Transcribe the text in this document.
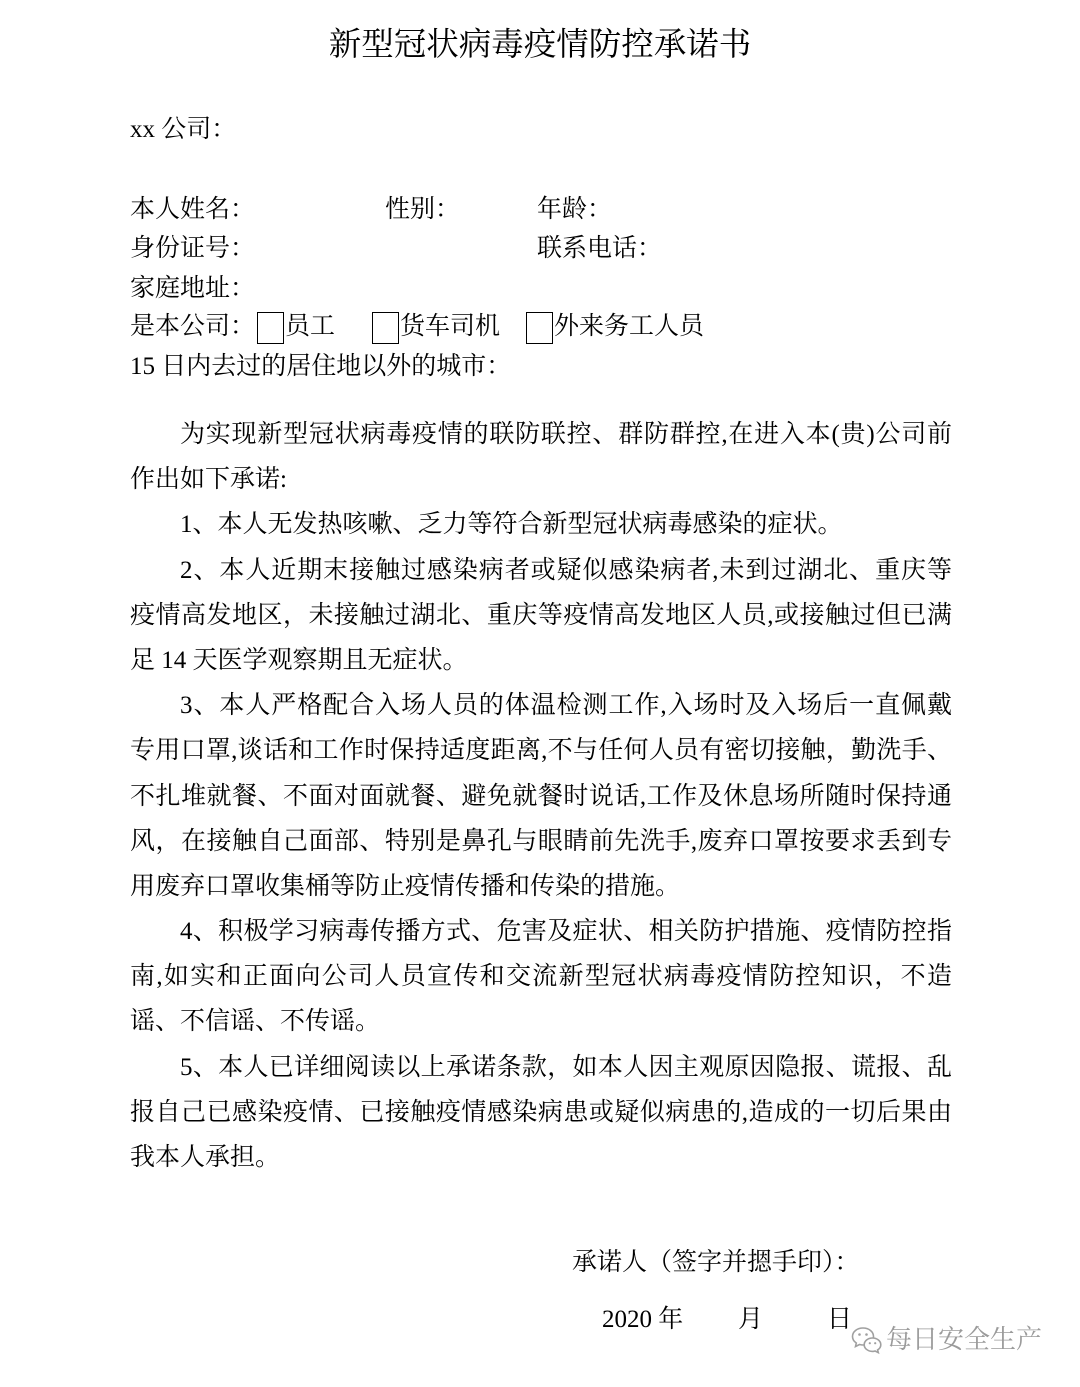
新型冠状病毒疫情防控承诺书
xx 公司：
本人姓名：	性别：	年龄：
身份证号：	联系电话：
家庭地址：
是本公司： 员工	货车司机 外来务工人员
15 日内去过的居住地以外的城市：
为实现新型冠状病毒疫情的联防联控、群防群控,在进入本(贵)公司前
作出如下承诺:
1、本人无发热咳嗽、乏力等符合新型冠状病毒感染的症状。
2、本人近期末接触过感染病者或疑似感染病者,未到过湖北、重庆等
疫情高发地区，未接触过湖北、重庆等疫情高发地区人员,或接触过但已满
足 14 天医学观察期且无症状。
3、本人严格配合入场人员的体温检测工作,入场时及入场后一直佩戴
专用口罩,谈话和工作时保持适度距离,不与任何人员有密切接触，勤洗手、
不扎堆就餐、不面对面就餐、避免就餐时说话,工作及休息场所随时保持通
风，在接触自己面部、特别是鼻孔与眼睛前先洗手,废弃口罩按要求丢到专
用废弃口罩收集桶等防止疫情传播和传染的措施。
4、积极学习病毒传播方式、危害及症状、相关防护措施、疫情防控指
南,如实和正面向公司人员宣传和交流新型冠状病毒疫情防控知识，不造
谣、不信谣、不传谣。
5、本人已详细阅读以上承诺条款，如本人因主观原因隐报、谎报、乱
报自己已感染疫情、已接触疫情感染病患或疑似病患的,造成的一切后果由
我本人承担。
承诺人（签字并摁手印）：
2020 年 月	日
每日安全生产
